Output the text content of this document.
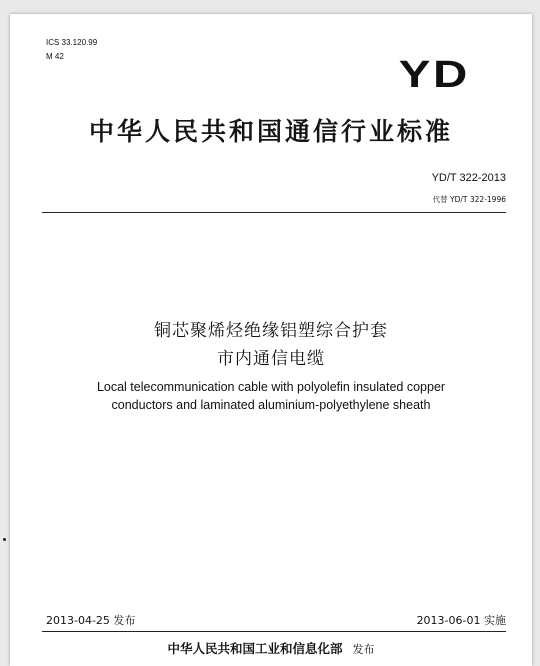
ICS 33.120.99
M 42	YD
中华人民共和国通信行业标准
YD/T 322-2013
代替 YD/T 322-1996
铜芯聚烯烃绝缘铝塑综合护套
市内通信电缆
Local telecommunication cable with polyolefin insulated copper
conductors and laminated aluminium-polyethylene sheath
2013-04-25 发布	2013-06-01 实施
中华人民共和国工业和信息化部 发布
